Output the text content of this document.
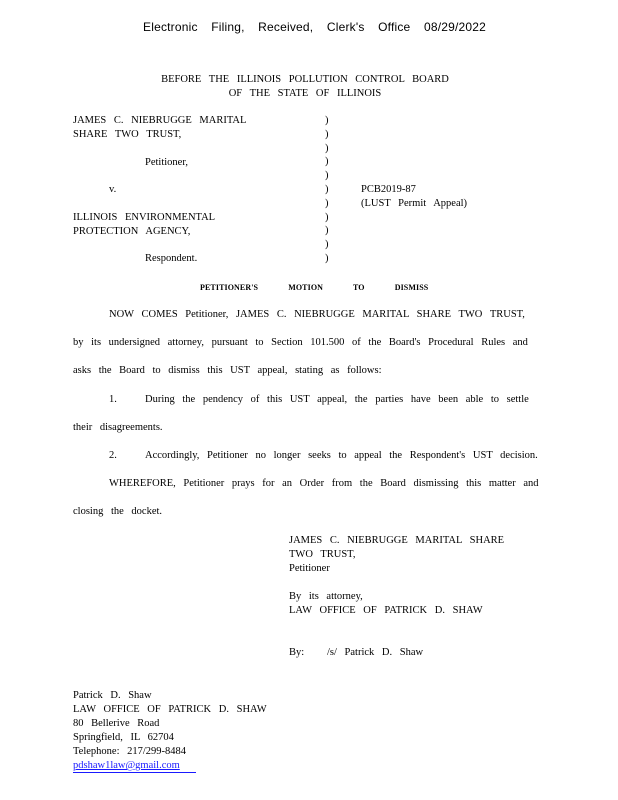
Electronic Filing, Received, Clerk's Office 08/29/2022
BEFORE THE ILLINOIS POLLUTION CONTROL BOARD
OF THE STATE OF ILLINOIS
JAMES C. NIEBRUGGE MARITAL
SHARE TWO TRUST,
Petitioner,
v.
ILLINOIS ENVIRONMENTAL
PROTECTION AGENCY,
Respondent.
)
)
)
)
)
)
)
)
)
)
)
PCB2019-87
(LUST Permit Appeal)
PETITIONER'S MOTION TO DISMISS
NOW COMES Petitioner, JAMES C. NIEBRUGGE MARITAL SHARE TWO TRUST,
by its undersigned attorney, pursuant to Section 101.500 of the Board's Procedural Rules and
asks the Board to dismiss this UST appeal, stating as follows:
1.	During the pendency of this UST appeal, the parties have been able to settle
their disagreements.
2.	Accordingly, Petitioner no longer seeks to appeal the Respondent's UST decision.
WHEREFORE, Petitioner prays for an Order from the Board dismissing this matter and
closing the docket.
JAMES C. NIEBRUGGE MARITAL SHARE
TWO TRUST,
Petitioner
By its attorney,
LAW OFFICE OF PATRICK D. SHAW
By: /s/ Patrick D. Shaw
Patrick D. Shaw
LAW OFFICE OF PATRICK D. SHAW
80 Bellerive Road
Springfield, IL 62704
Telephone: 217/299-8484
pdshaw1law@gmail.com
